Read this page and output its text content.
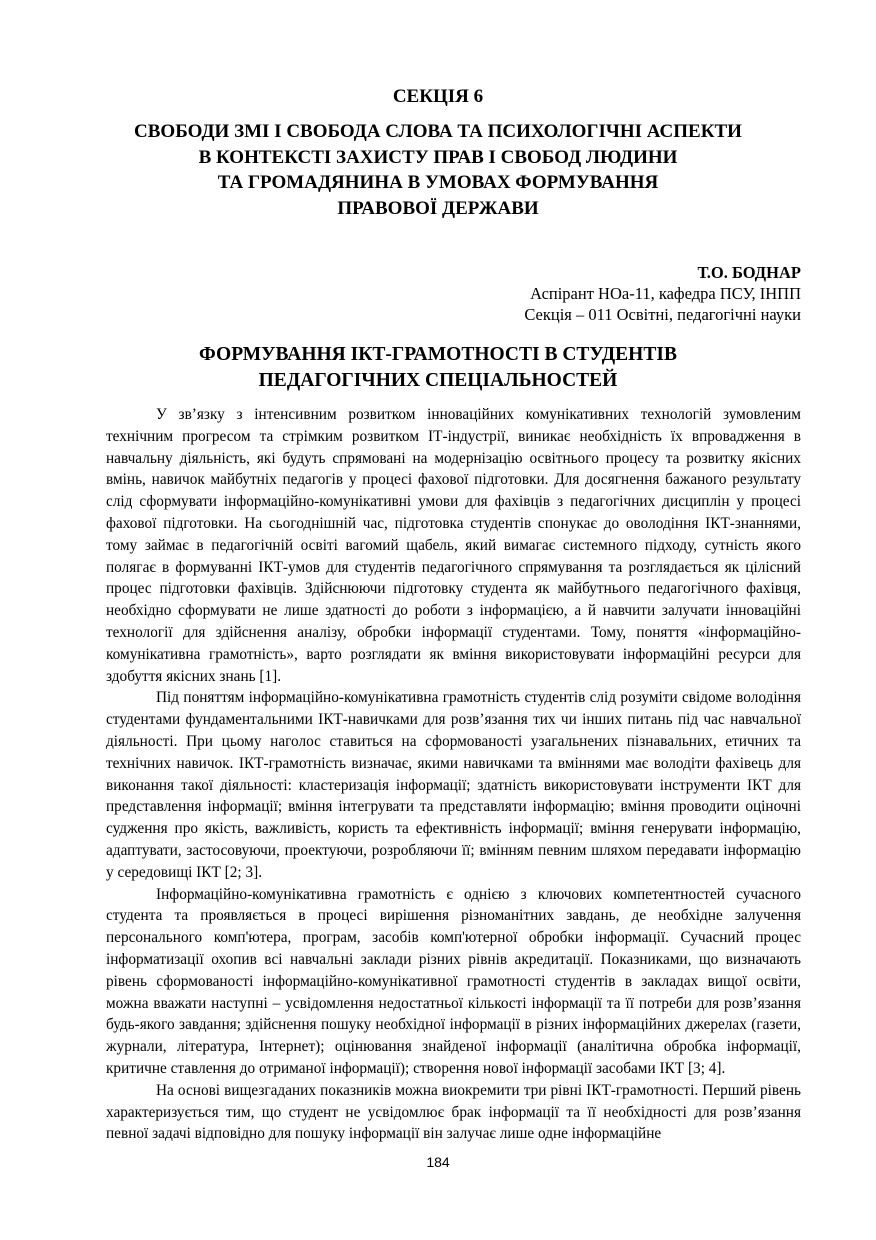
СЕКЦІЯ 6
СВОБОДИ ЗМІ І СВОБОДА СЛОВА ТА ПСИХОЛОГІЧНІ АСПЕКТИ
В КОНТЕКСТІ ЗАХИСТУ ПРАВ І СВОБОД ЛЮДИНИ
ТА ГРОМАДЯНИНА В УМОВАХ ФОРМУВАННЯ
ПРАВОВОЇ ДЕРЖАВИ
Т.О. БОДНАР
Аспірант НОа-11, кафедра ПСУ, ІНПП
Секція – 011 Освітні, педагогічні науки
ФОРМУВАННЯ ІКТ-ГРАМОТНОСТІ В СТУДЕНТІВ
ПЕДАГОГІЧНИХ СПЕЦІАЛЬНОСТЕЙ

У зв’язку з інтенсивним розвитком інноваційних комунікативних технологій зумовленим технічним прогресом та стрімким розвитком ІТ-індустрії, виникає необхідність їх впровадження в навчальну діяльність, які будуть спрямовані на модернізацію освітнього процесу та розвитку якісних вмінь, навичок майбутніх педагогів у процесі фахової підготовки. Для досягнення бажаного результату слід сформувати інформаційно-комунікативні умови для фахівців з педагогічних дисциплін у процесі фахової підготовки. На сьогоднішній час, підготовка студентів спонукає до оволодіння ІКТ-знаннями, тому займає в педагогічній освіті вагомий щабель, який вимагає системного підходу, сутність якого полягає в формуванні ІКТ-умов для студентів педагогічного спрямування та розглядається як цілісний процес підготовки фахівців. Здійснюючи підготовку студента як майбутнього педагогічного фахівця, необхідно сформувати не лише здатності до роботи з інформацією, а й навчити залучати інноваційні технології для здійснення аналізу, обробки інформації студентами. Тому, поняття «інформаційно-комунікативна грамотність», варто розглядати як вміння використовувати інформаційні ресурси для здобуття якісних знань [1].

Під поняттям інформаційно-комунікативна грамотність студентів слід розуміти свідоме володіння студентами фундаментальними ІКТ-навичками для розв’язання тих чи інших питань під час навчальної діяльності. При цьому наголос ставиться на сформованості узагальнених пізнавальних, етичних та технічних навичок. ІКТ-грамотність визначає, якими навичками та вміннями має володіти фахівець для виконання такої діяльності: кластеризація інформації; здатність використовувати інструменти ІКТ для представлення інформації; вміння інтегрувати та представляти інформацію; вміння проводити оціночні судження про якість, важливість, користь та ефективність інформації; вміння генерувати інформацію, адаптувати, застосовуючи, проектуючи, розробляючи її; вмінням певним шляхом передавати інформацію у середовищі ІКТ [2; 3].

Інформаційно-комунікативна грамотність є однією з ключових компетентностей сучасного студента та проявляється в процесі вирішення різноманітних завдань, де необхідне залучення персонального комп'ютера, програм, засобів комп'ютерної обробки інформації. Сучасний процес інформатизації охопив всі навчальні заклади різних рівнів акредитації. Показниками, що визначають рівень сформованості інформаційно-комунікативної грамотності студентів в закладах вищої освіти, можна вважати наступні – усвідомлення недостатньої кількості інформації та її потреби для розв’язання будь-якого завдання; здійснення пошуку необхідної інформації в різних інформаційних джерелах (газети, журнали, література, Інтернет); оцінювання знайденої інформації (аналітична обробка інформації, критичне ставлення до отриманої інформації); створення нової інформації засобами ІКТ [3; 4].

На основі вищезгаданих показників можна виокремити три рівні ІКТ-грамотності. Перший рівень характеризується тим, що студент не усвідомлює брак інформації та її необхідності для розв’язання певної задачі відповідно для пошуку інформації він залучає лише одне інформаційне

184
